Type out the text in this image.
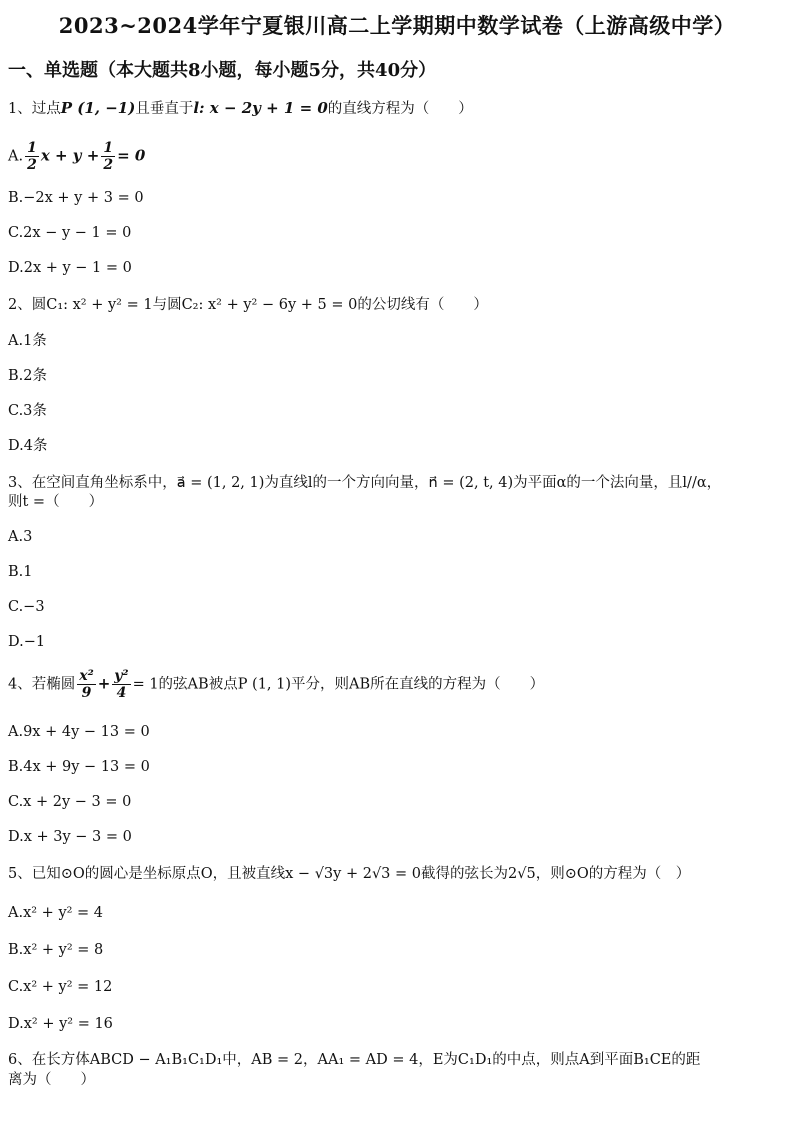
2023~2024学年宁夏银川高二上学期期中数学试卷（上游高级中学）
一、单选题（本大题共8小题，每小题5分，共40分）
1、过点P (1, −1)且垂直于l: x − 2y + 1 = 0的直线方程为（　　）
A. $\frac{1}{2}$ $x + y + \frac{1}{2} = 0$
B.−2x + y + 3 = 0
C.2x − y − 1 = 0
D.2x + y − 1 = 0
2、圆C₁: x² + y² = 1与圆C₂: x² + y² − 6y + 5 = 0的公切线有（　　）
A.1条
B.2条
C.3条
D.4条
3、在空间直角坐标系中，a⃗ = (1, 2, 1)为直线l的一个方向向量，n⃗ = (2, t, 4)为平面α的一个法向量，且l//α，
则t =（　　）
A.3
B.1
C.−3
D.−1
4、若椭圆 $\frac{\text{x²}}{9} + \frac{\text{y²}}{4} = 1$的弦AB被点P (1, 1)平分，则AB所在直线的方程为（　　）
A.9x + 4y − 13 = 0
B.4x + 9y − 13 = 0
C.x + 2y − 3 = 0
D.x + 3y − 3 = 0
5、已知⊙O的圆心是坐标原点O，且被直线x − √3y + 2√3 = 0截得的弦长为2√5，则⊙O的方程为（　）
A.x² + y² = 4
B.x² + y² = 8
C.x² + y² = 12
D.x² + y² = 16
6、在长方体ABCD − A₁B₁C₁D₁中，AB = 2，AA₁ = AD = 4，E为C₁D₁的中点，则点A到平面B₁CE的距
离为（　　）
